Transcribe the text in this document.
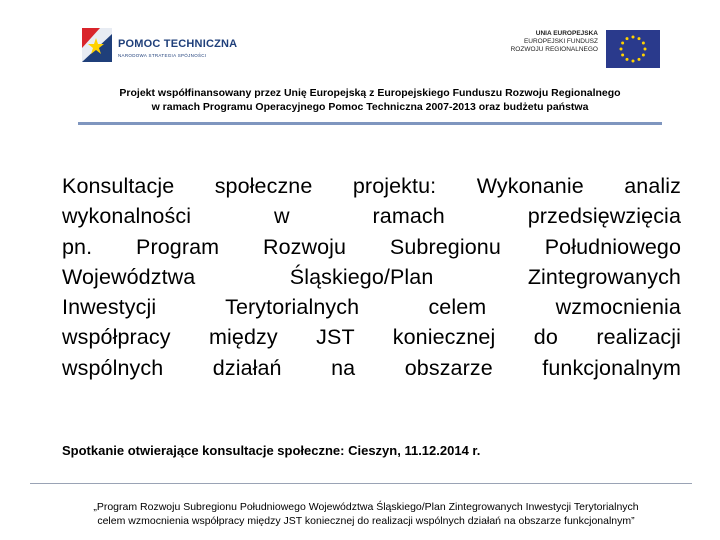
POMOC TECHNICZNA
NARODOWA STRATEGIA SPÓJNOŚCI
UNIA EUROPEJSKA
EUROPEJSKI FUNDUSZ
ROZWOJU REGIONALNEGO
Projekt współfinansowany przez Unię Europejską z Europejskiego Funduszu Rozwoju Regionalnego
w ramach Programu Operacyjnego Pomoc Techniczna 2007-2013 oraz budżetu państwa
Konsultacje społeczne projektu: Wykonanie analiz
wykonalności w ramach przedsięwzięcia
pn. Program Rozwoju Subregionu Południowego
Województwa Śląskiego/Plan Zintegrowanych
Inwestycji Terytorialnych celem wzmocnienia
współpracy między JST koniecznej do realizacji
wspólnych działań na obszarze funkcjonalnym
Spotkanie otwierające konsultacje społeczne: Cieszyn, 11.12.2014 r.
„Program Rozwoju Subregionu Południowego Województwa Śląskiego/Plan Zintegrowanych Inwestycji Terytorialnych
celem wzmocnienia współpracy między JST koniecznej do realizacji wspólnych działań na obszarze funkcjonalnym”
